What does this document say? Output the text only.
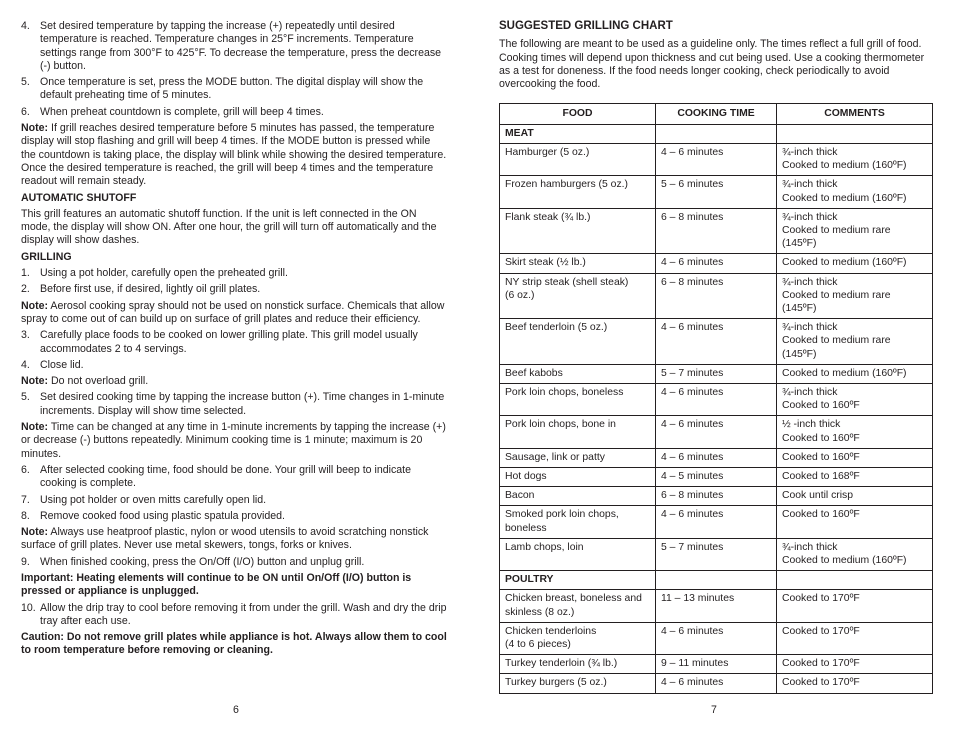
4. Set desired temperature by tapping the increase (+) repeatedly until desired temperature is reached. Temperature changes in 25°F increments. Temperature settings range from 300°F to 425°F. To decrease the temperature, press the decrease (-) button.
5. Once temperature is set, press the MODE button. The digital display will show the default preheating time of 5 minutes.
6. When preheat countdown is complete, grill will beep 4 times.
Note: If grill reaches desired temperature before 5 minutes has passed, the temperature display will stop flashing and grill will beep 4 times. If the MODE button is pressed while the countdown is taking place, the display will blink while showing the desired temperature. Once the desired temperature is reached, the grill will beep 4 times and the temperature readout will remain steady.
AUTOMATIC SHUTOFF
This grill features an automatic shutoff function. If the unit is left connected in the ON mode, the display will show ON. After one hour, the grill will turn off automatically and the display will show dashes.
GRILLING
1. Using a pot holder, carefully open the preheated grill.
2. Before first use, if desired, lightly oil grill plates.
Note: Aerosol cooking spray should not be used on nonstick surface. Chemicals that allow spray to come out of can build up on surface of grill plates and reduce their efficiency.
3. Carefully place foods to be cooked on lower grilling plate. This grill model usually accommodates 2 to 4 servings.
4. Close lid.
Note: Do not overload grill.
5. Set desired cooking time by tapping the increase button (+). Time changes in 1-minute increments. Display will show time selected.
Note: Time can be changed at any time in 1-minute increments by tapping the increase (+) or decrease (-) buttons repeatedly. Minimum cooking time is 1 minute; maximum is 20 minutes.
6. After selected cooking time, food should be done. Your grill will beep to indicate cooking is complete.
7. Using pot holder or oven mitts carefully open lid.
8. Remove cooked food using plastic spatula provided.
Note: Always use heatproof plastic, nylon or wood utensils to avoid scratching nonstick surface of grill plates. Never use metal skewers, tongs, forks or knives.
9. When finished cooking, press the On/Off (I/O) button and unplug grill.
Important: Heating elements will continue to be ON until On/Off (I/O) button is pressed or appliance is unplugged.
10. Allow the drip tray to cool before removing it from under the grill. Wash and dry the drip tray after each use.
Caution: Do not remove grill plates while appliance is hot. Always allow them to cool to room temperature before removing or cleaning.
6
SUGGESTED GRILLING CHART
The following are meant to be used as a guideline only. The times reflect a full grill of food. Cooking times will depend upon thickness and cut being used. Use a cooking thermometer as a test for doneness. If the food needs longer cooking, check periodically to avoid overcooking the food.
FOOD	COOKING TIME	COMMENTS
MEAT		
Hamburger (5 oz.)	4 – 6 minutes	¾-inch thick
Cooked to medium (160ºF)
Frozen hamburgers (5 oz.)	5 – 6 minutes	¾-inch thick
Cooked to medium (160ºF)
Flank steak (¾ lb.)	6 – 8 minutes	¾-inch thick
Cooked to medium rare
(145ºF)
Skirt steak (½ lb.)	4 – 6 minutes	Cooked to medium (160ºF)
NY strip steak (shell steak)
(6 oz.)	6 – 8 minutes	¾-inch thick
Cooked to medium rare
(145ºF)
Beef tenderloin (5 oz.)	4 – 6 minutes	¾-inch thick
Cooked to medium rare
(145ºF)
Beef kabobs	5 – 7 minutes	Cooked to medium (160ºF)
Pork loin chops, boneless	4 – 6 minutes	¾-inch thick
Cooked to 160ºF
Pork loin chops, bone in	4 – 6 minutes	½ -inch thick
Cooked to 160ºF
Sausage, link or patty	4 – 6 minutes	Cooked to 160ºF
Hot dogs	4 – 5 minutes	Cooked to 168ºF
Bacon	6 – 8 minutes	Cook until crisp
Smoked pork loin chops,
boneless	4 – 6 minutes	Cooked to 160ºF
Lamb chops, loin	5 – 7 minutes	¾-inch thick
Cooked to medium (160ºF)
POULTRY		
Chicken breast, boneless and
skinless (8 oz.)	11 – 13 minutes	Cooked to 170ºF
Chicken tenderloins
(4 to 6 pieces)	4 – 6 minutes	Cooked to 170ºF
Turkey tenderloin (¾ lb.)	9 – 11 minutes	Cooked to 170ºF
Turkey burgers (5 oz.)	4 – 6 minutes	Cooked to 170ºF
7
